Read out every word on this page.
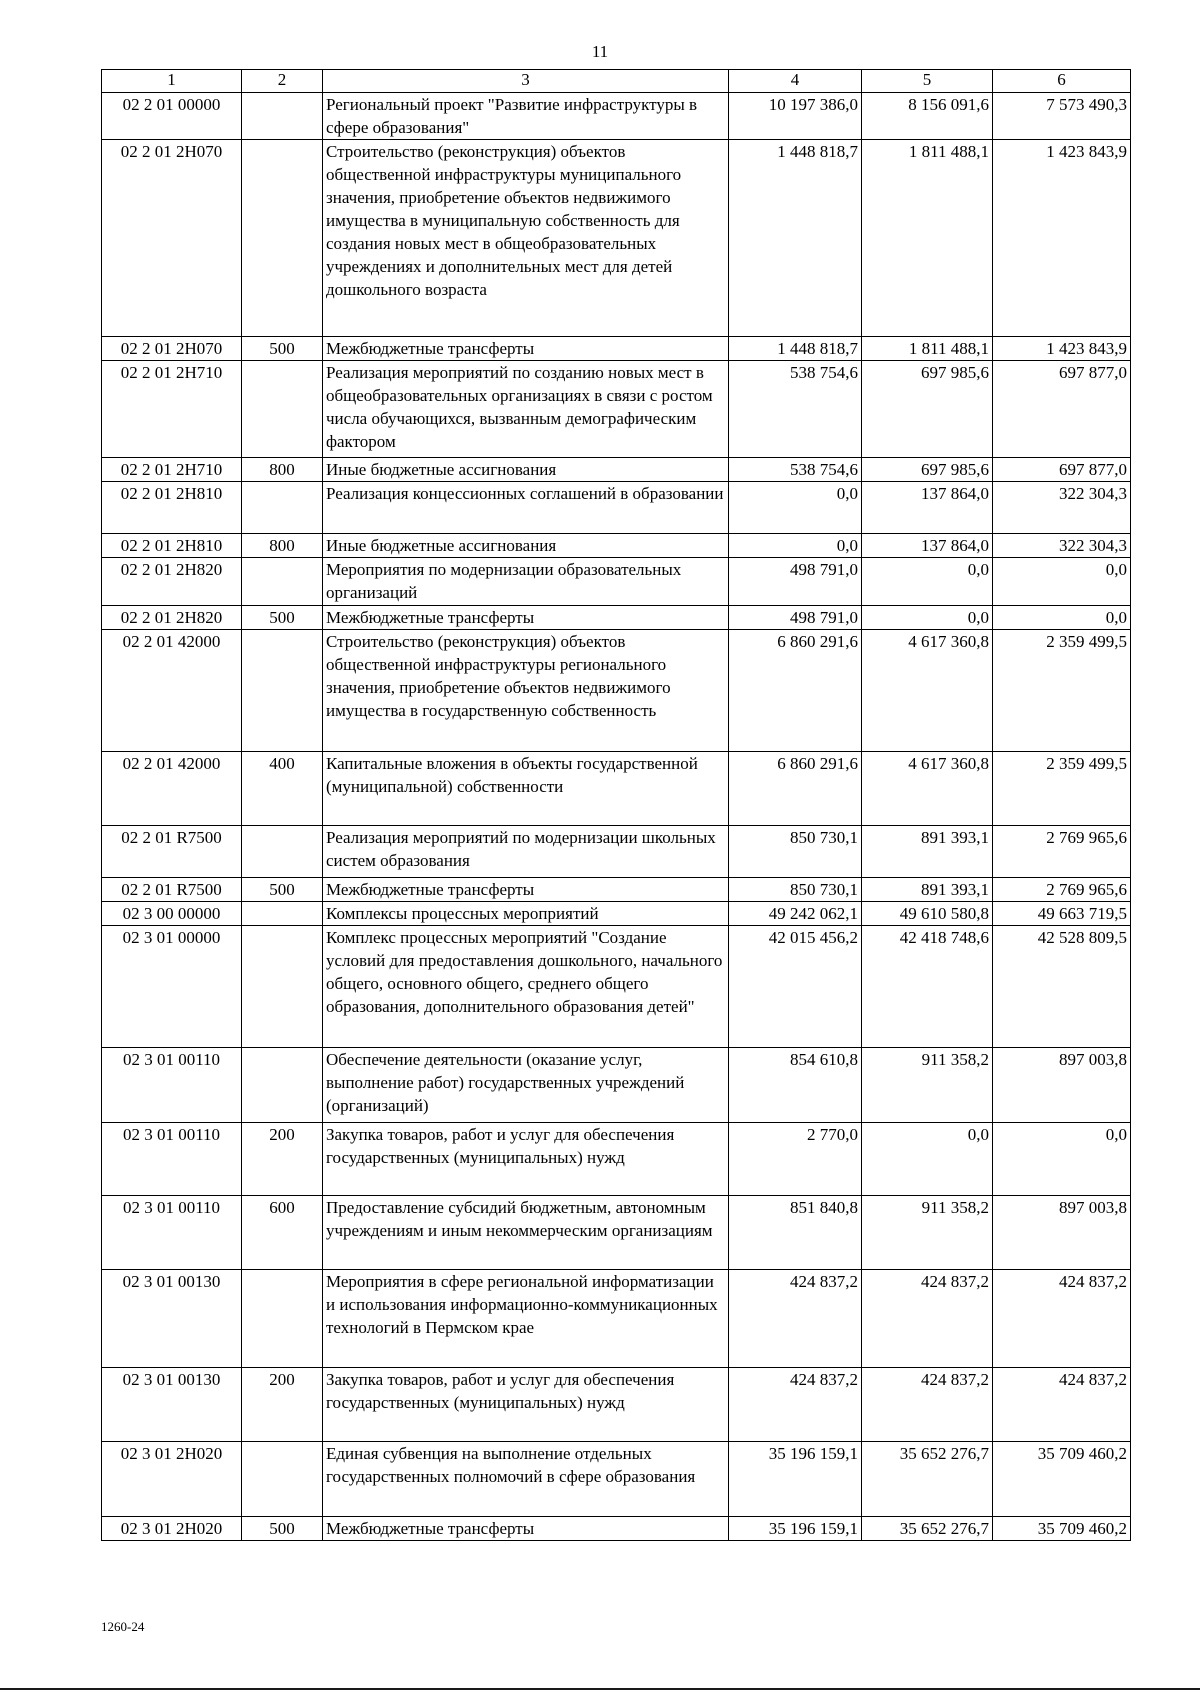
11
1	2	3	4	5	6
02 2 01 00000		Региональный проект "Развитие инфраструктуры в сфере образования"	10 197 386,0	8 156 091,6	7 573 490,3
02 2 01 2Н070		Строительство (реконструкция) объектов общественной инфраструктуры муниципального значения, приобретение объектов недвижимого имущества в муниципальную собственность для создания новых мест в общеобразовательных учреждениях и дополнительных мест для детей дошкольного возраста	1 448 818,7	1 811 488,1	1 423 843,9
02 2 01 2Н070	500	Межбюджетные трансферты	1 448 818,7	1 811 488,1	1 423 843,9
02 2 01 2Н710		Реализация мероприятий по созданию новых мест в общеобразовательных организациях в связи с ростом числа обучающихся, вызванным демографическим фактором	538 754,6	697 985,6	697 877,0
02 2 01 2Н710	800	Иные бюджетные ассигнования	538 754,6	697 985,6	697 877,0
02 2 01 2Н810		Реализация концессионных соглашений в образовании	0,0	137 864,0	322 304,3
02 2 01 2Н810	800	Иные бюджетные ассигнования	0,0	137 864,0	322 304,3
02 2 01 2Н820		Мероприятия по модернизации образовательных организаций	498 791,0	0,0	0,0
02 2 01 2Н820	500	Межбюджетные трансферты	498 791,0	0,0	0,0
02 2 01 42000		Строительство (реконструкция) объектов общественной инфраструктуры регионального значения, приобретение объектов недвижимого имущества в государственную собственность	6 860 291,6	4 617 360,8	2 359 499,5
02 2 01 42000	400	Капитальные вложения в объекты государственной (муниципальной) собственности	6 860 291,6	4 617 360,8	2 359 499,5
02 2 01 R7500		Реализация мероприятий по модернизации школьных систем образования	850 730,1	891 393,1	2 769 965,6
02 2 01 R7500	500	Межбюджетные трансферты	850 730,1	891 393,1	2 769 965,6
02 3 00 00000		Комплексы процессных мероприятий	49 242 062,1	49 610 580,8	49 663 719,5
02 3 01 00000		Комплекс процессных мероприятий "Создание условий для предоставления дошкольного, начального общего, основного общего, среднего общего образования, дополнительного образования детей"	42 015 456,2	42 418 748,6	42 528 809,5
02 3 01 00110		Обеспечение деятельности (оказание услуг, выполнение работ) государственных учреждений (организаций)	854 610,8	911 358,2	897 003,8
02 3 01 00110	200	Закупка товаров, работ и услуг для обеспечения государственных (муниципальных) нужд	2 770,0	0,0	0,0
02 3 01 00110	600	Предоставление субсидий бюджетным, автономным учреждениям и иным некоммерческим организациям	851 840,8	911 358,2	897 003,8
02 3 01 00130		Мероприятия в сфере региональной информатизации и использования информационно-коммуникационных технологий в Пермском крае	424 837,2	424 837,2	424 837,2
02 3 01 00130	200	Закупка товаров, работ и услуг для обеспечения государственных (муниципальных) нужд	424 837,2	424 837,2	424 837,2
02 3 01 2Н020		Единая субвенция на выполнение отдельных государственных полномочий в сфере образования	35 196 159,1	35 652 276,7	35 709 460,2
02 3 01 2Н020	500	Межбюджетные трансферты	35 196 159,1	35 652 276,7	35 709 460,2
1260-24
